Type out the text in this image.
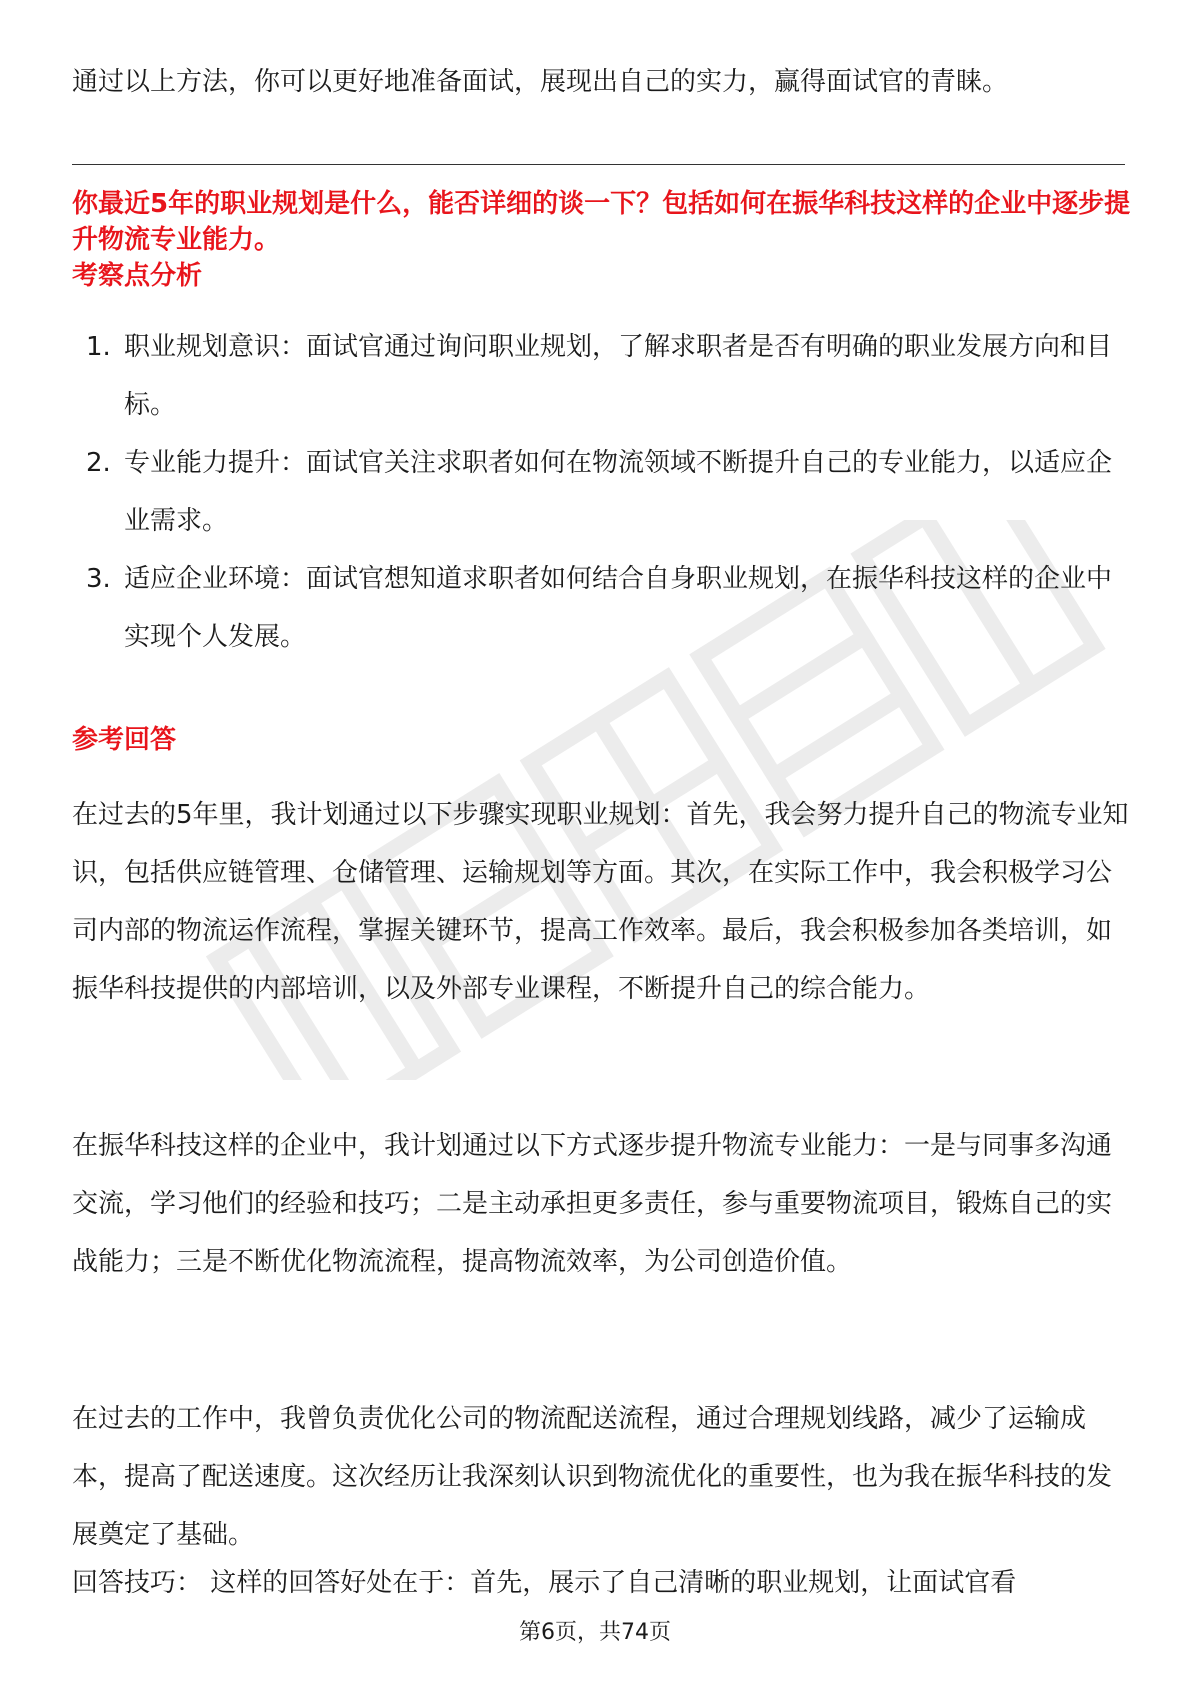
通过以上方法，你可以更好地准备面试，展现出自己的实力，赢得面试官的青睐。

你最近5年的职业规划是什么，能否详细的谈一下？包括如何在振华科技这样的企业中逐步提升物流专业能力。

考察点分析
1. 职业规划意识：面试官通过询问职业规划，了解求职者是否有明确的职业发展方向和目标。
2. 专业能力提升：面试官关注求职者如何在物流领域不断提升自己的专业能力，以适应企业需求。
3. 适应企业环境：面试官想知道求职者如何结合自身职业规划，在振华科技这样的企业中实现个人发展。
参考回答

在过去的5年里，我计划通过以下步骤实现职业规划：首先，我会努力提升自己的物流专业知识，包括供应链管理、仓储管理、运输规划等方面。其次，在实际工作中，我会积极学习公司内部的物流运作流程，掌握关键环节，提高工作效率。最后，我会积极参加各类培训，如振华科技提供的内部培训，以及外部专业课程，不断提升自己的综合能力。

在振华科技这样的企业中，我计划通过以下方式逐步提升物流专业能力：一是与同事多沟通交流，学习他们的经验和技巧；二是主动承担更多责任，参与重要物流项目，锻炼自己的实战能力；三是不断优化物流流程，提高物流效率，为公司创造价值。

在过去的工作中，我曾负责优化公司的物流配送流程，通过合理规划线路，减少了运输成本，提高了配送速度。这次经历让我深刻认识到物流优化的重要性，也为我在振华科技的发展奠定了基础。

回答技巧： 这样的回答好处在于：首先，展示了自己清晰的职业规划，让面试官看

第6页，共74页
